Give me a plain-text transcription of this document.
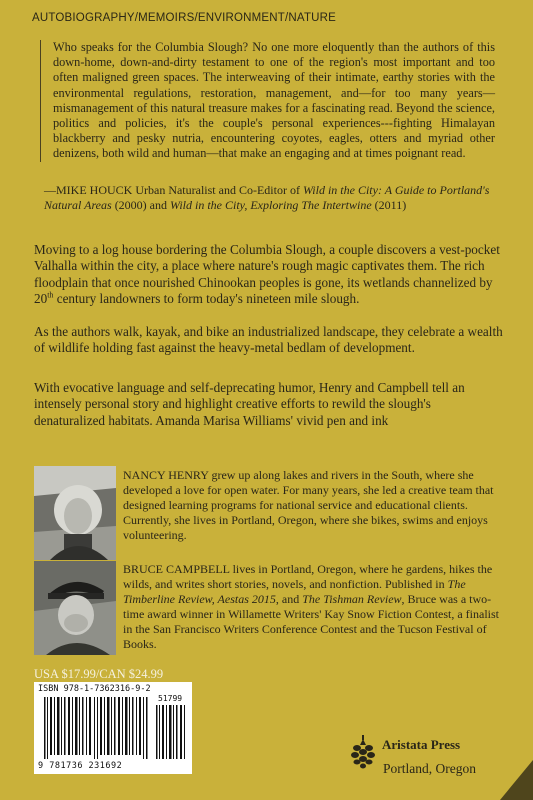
AUTOBIOGRAPHY/MEMOIRS/ENVIRONMENT/NATURE

Who speaks for the Columbia Slough? No one more eloquently than the authors of this down-home, down-and-dirty testament to one of the region's most important and too often maligned green spaces. The interweaving of their intimate, earthy stories with the environmental regulations, restoration, management, and—for too many years—mismanagement of this natural treasure makes for a fascinating read. Beyond the science, politics and policies, it's the couple's personal experiences---fighting Himalayan blackberry and pesky nutria, encountering coyotes, eagles, otters and myriad other denizens, both wild and human—that make an engaging and at times poignant read.

—MIKE HOUCK Urban Naturalist and Co-Editor of Wild in the City: A Guide to Portland's Natural Areas (2000) and Wild in the City, Exploring The Intertwine (2011)

Moving to a log house bordering the Columbia Slough, a couple discovers a vest-pocket Valhalla within the city, a place where nature's rough magic captivates them. The rich floodplain that once nourished Chinookan peoples is gone, its wetlands channelized by 20th century landowners to form today's nineteen mile slough.

As the authors walk, kayak, and bike an industrialized landscape, they celebrate a wealth of wildlife holding fast against the heavy-metal bedlam of development.

With evocative language and self-deprecating humor, Henry and Campbell tell an intensely personal story and highlight creative efforts to rewild the slough's denaturalized habitats. Amanda Marisa Williams' vivid pen and ink

NANCY HENRY grew up along lakes and rivers in the South, where she developed a love for open water. For many years, she led a creative team that designed learning programs for national service and educational clients. Currently, she lives in Portland, Oregon, where she bikes, swims and enjoys volunteering.

BRUCE CAMPBELL lives in Portland, Oregon, where he gardens, hikes the wilds, and writes short stories, novels, and nonfiction. Published in The Timberline Review, Aestas 2015, and The Tishman Review, Bruce was a two-time award winner in Willamette Writers' Kay Snow Fiction Contest, a finalist in the San Francisco Writers Conference Contest and the Tucson Festival of Books.

USA $17.99/CAN $24.99
ISBN 978-1-7362316-9-2
51799
9 781736 231692
Aristata Press
Portland, Oregon
